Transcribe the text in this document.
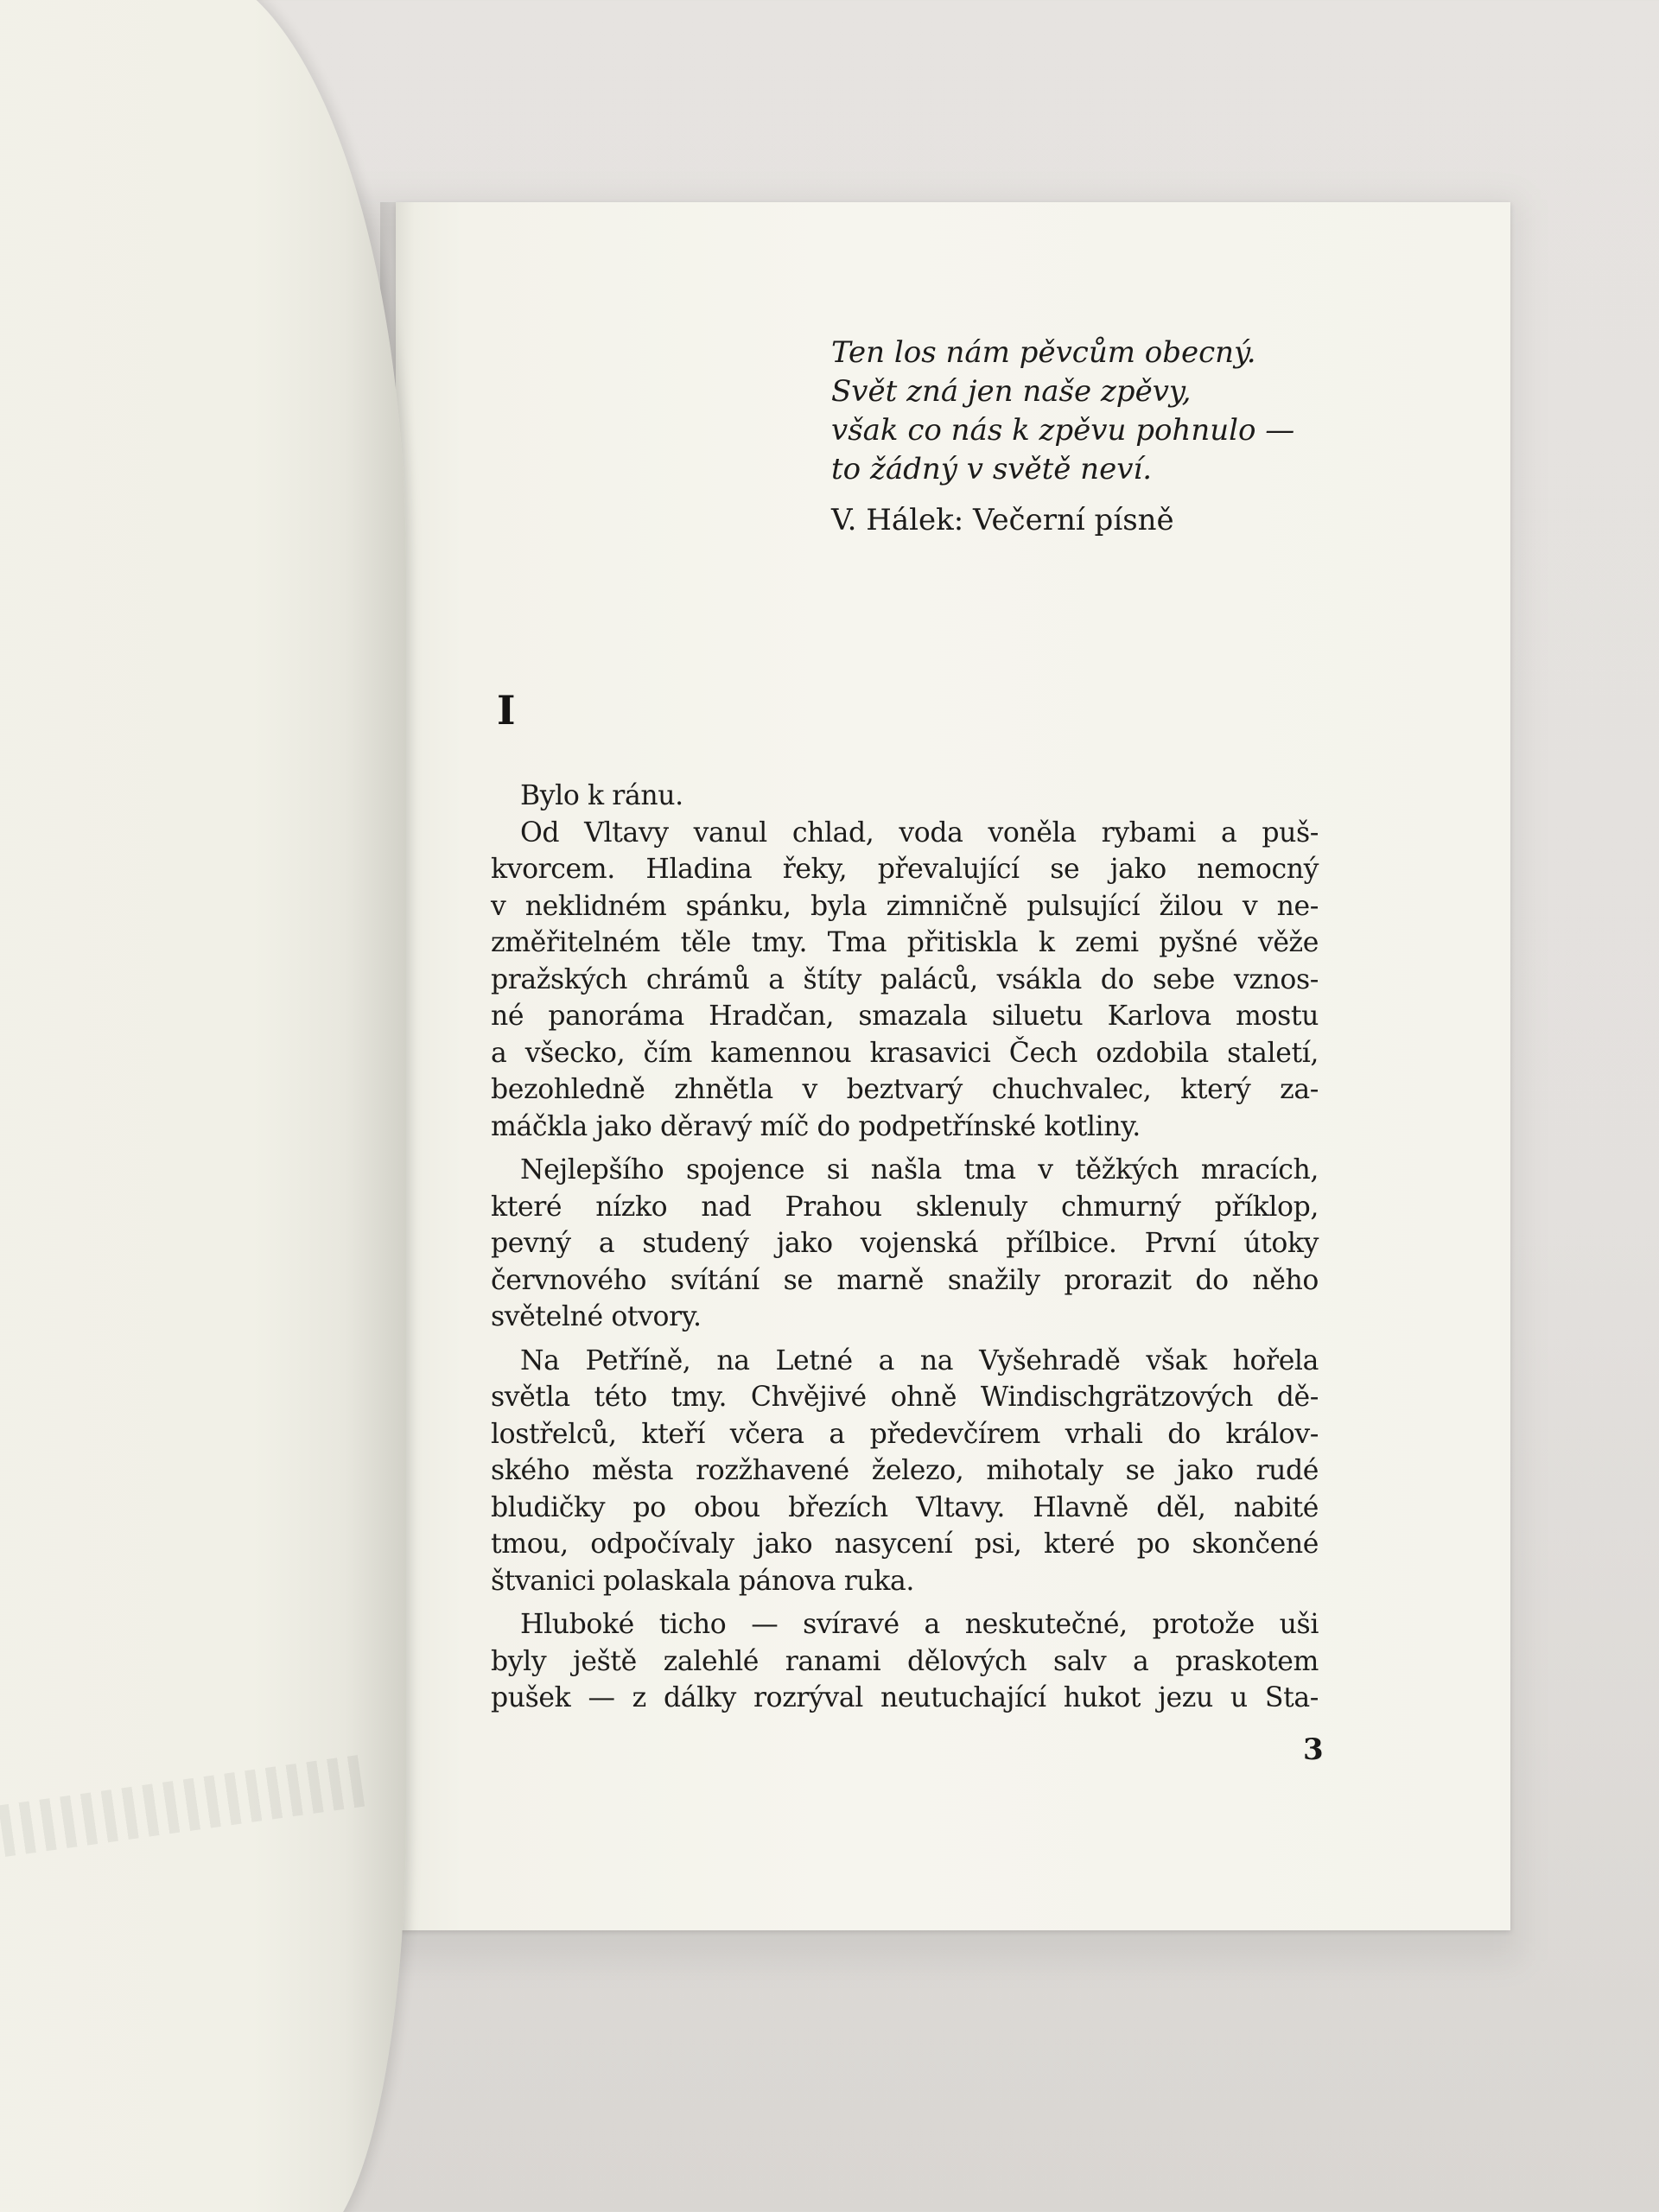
Ten los nám pěvcům obecný.
Svět zná jen naše zpěvy,
však co nás k zpěvu pohnulo —
to žádný v světě neví.
V. Hálek: Večerní písně
I
Bylo k ránu.
Od Vltavy vanul chlad, voda voněla rybami a puš-
kvorcem. Hladina řeky, převalující se jako nemocný
v neklidném spánku, byla zimničně pulsující žilou v ne-
změřitelném těle tmy. Tma přitiskla k zemi pyšné věže
pražských chrámů a štíty paláců, vsákla do sebe vznos-
né panoráma Hradčan, smazala siluetu Karlova mostu
a všecko, čím kamennou krasavici Čech ozdobila staletí,
bezohledně zhnětla v beztvarý chuchvalec, který za-
máčkla jako děravý míč do podpetřínské kotliny.
Nejlepšího spojence si našla tma v těžkých mracích,
které nízko nad Prahou sklenuly chmurný příklop,
pevný a studený jako vojenská přílbice. První útoky
červnového svítání se marně snažily prorazit do něho
světelné otvory.
Na Petříně, na Letné a na Vyšehradě však hořela
světla této tmy. Chvějivé ohně Windischgrätzových dě-
lostřelců, kteří včera a předevčírem vrhali do králov-
ského města rozžhavené železo, mihotaly se jako rudé
bludičky po obou březích Vltavy. Hlavně děl, nabité
tmou, odpočívaly jako nasycení psi, které po skončené
štvanici polaskala pánova ruka.
Hluboké ticho — svíravé a neskutečné, protože uši
byly ještě zalehlé ranami dělových salv a praskotem
pušek — z dálky rozrýval neutuchající hukot jezu u Sta-
3
